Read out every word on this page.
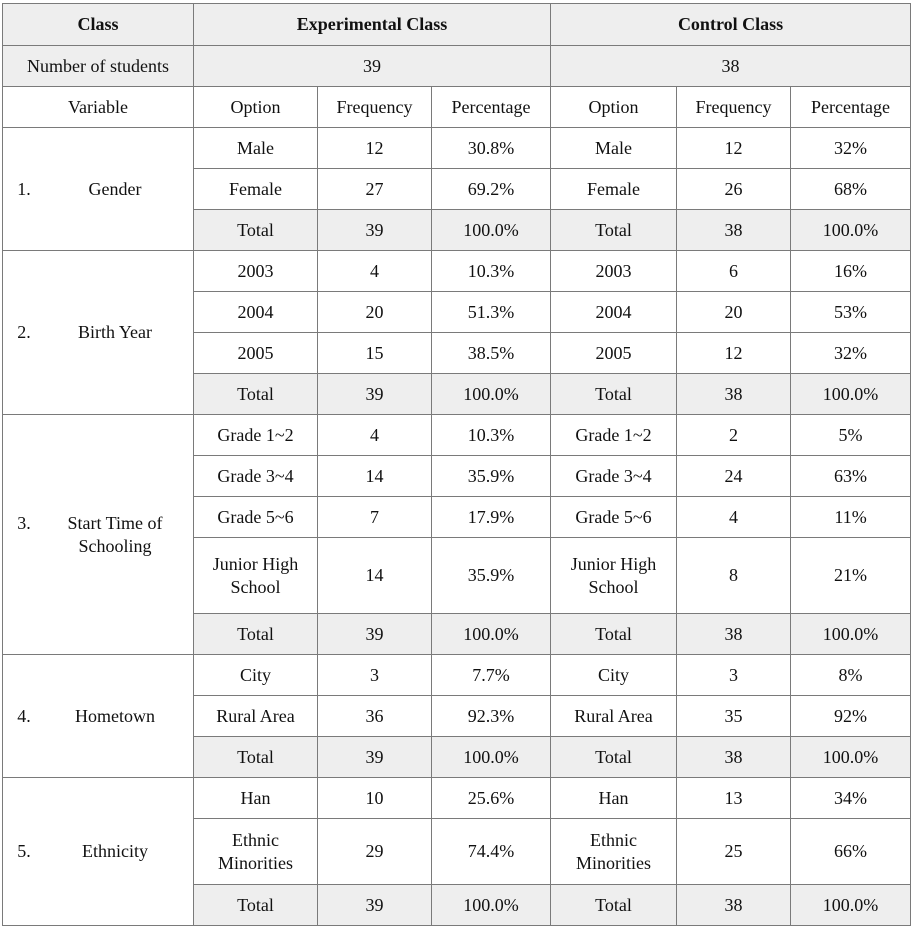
Class	Experimental Class			Control Class		
Number of students	39			38		
Variable	Option	Frequency	Percentage	Option	Frequency	Percentage

1. Gender	Male	12	30.8%	Male	12	32%
	Female	27	69.2%	Female	26	68%
	Total	39	100.0%	Total	38	100.0%

2. Birth Year	2003	4	10.3%	2003	6	16%
	2004	20	51.3%	2004	20	53%
	2005	15	38.5%	2005	12	32%
	Total	39	100.0%	Total	38	100.0%

3. Start Time of Schooling	Grade 1~2	4	10.3%	Grade 1~2	2	5%
	Grade 3~4	14	35.9%	Grade 3~4	24	63%
	Grade 5~6	7	17.9%	Grade 5~6	4	11%
	Junior High School	14	35.9%	Junior High School	8	21%
	Total	39	100.0%	Total	38	100.0%

4. Hometown	City	3	7.7%	City	3	8%
	Rural Area	36	92.3%	Rural Area	35	92%
	Total	39	100.0%	Total	38	100.0%

5. Ethnicity	Han	10	25.6%	Han	13	34%
	Ethnic Minorities	29	74.4%	Ethnic Minorities	25	66%
	Total	39	100.0%	Total	38	100.0%
